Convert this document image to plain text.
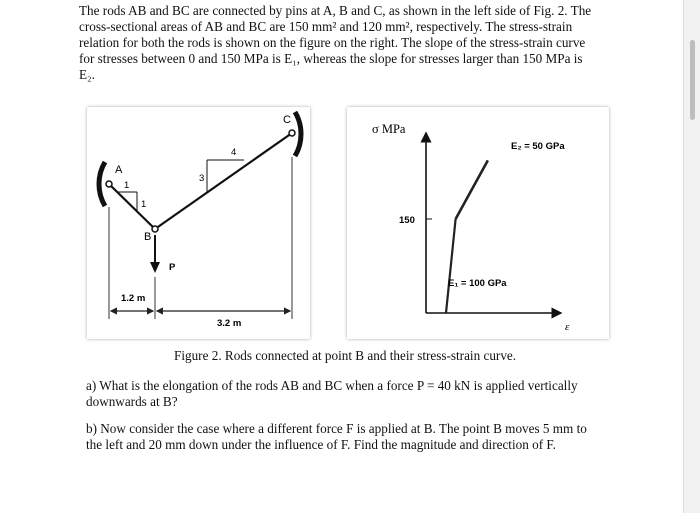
The rods AB and BC are connected by pins at A, B and C, as shown in the left side of Fig. 2. The

cross-sectional areas of AB and BC are 150 mm² and 120 mm², respectively. The stress-strain

relation for both the rods is shown on the figure on the right. The slope of the stress-strain curve

for stresses between 0 and 150 MPa is E₁, whereas the slope for stresses larger than 150 MPa is

E₂.

A
B
C
P
1
1
3
4
1.2 m
3.2 m
σ MPa
150
E₂ = 50 GPa
E₁ = 100 GPa
ε

Figure 2. Rods connected at point B and their stress-strain curve.

a) What is the elongation of the rods AB and BC when a force P = 40 kN is applied vertically

downwards at B?

b) Now consider the case where a different force F is applied at B. The point B moves 5 mm to

the left and 20 mm down under the influence of F. Find the magnitude and direction of F.
